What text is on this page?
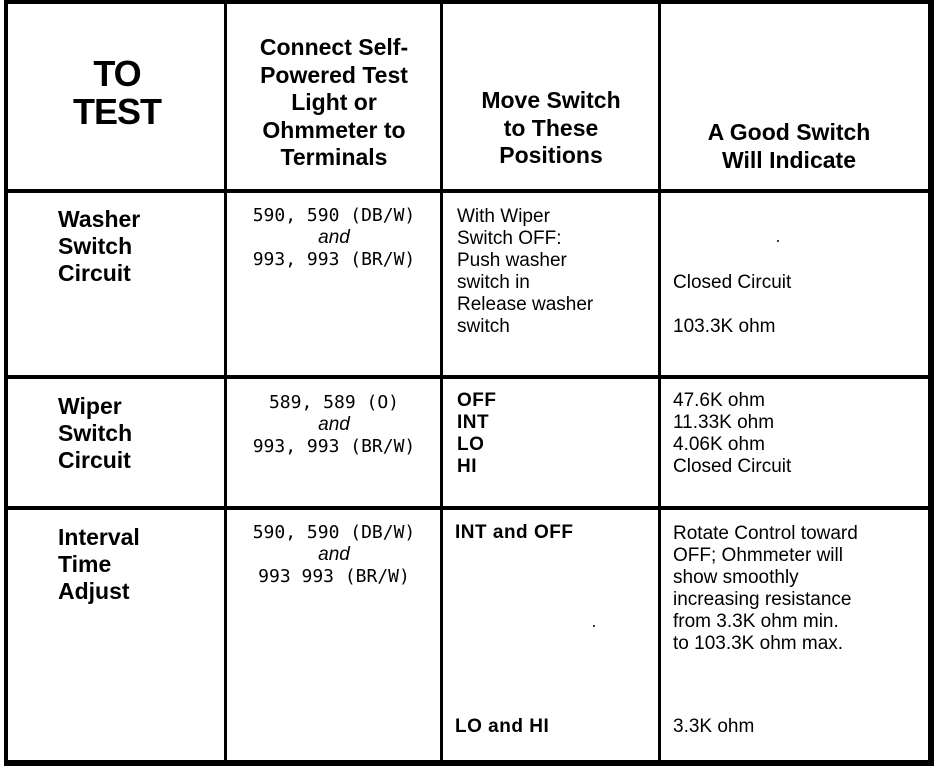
TO
TEST
Connect Self-
Powered Test
Light or
Ohmmeter to
Terminals
Move Switch
to These
Positions
A Good Switch
Will Indicate
Washer
Switch
Circuit
590, 590 (DB/W)
and
993, 993 (BR/W)
With Wiper
Switch OFF:
Push washer
switch in
Release washer
switch
Closed Circuit
103.3K ohm
Wiper
Switch
Circuit
589, 589 (O)
and
993, 993 (BR/W)
OFF
INT
LO
HI
47.6K ohm
11.33K ohm
4.06K ohm
Closed Circuit
Interval
Time
Adjust
590, 590 (DB/W)
and
993 993 (BR/W)
INT and OFF
LO and HI
Rotate Control toward
OFF; Ohmmeter will
show smoothly
increasing resistance
from 3.3K ohm min.
to 103.3K ohm max.
3.3K ohm
